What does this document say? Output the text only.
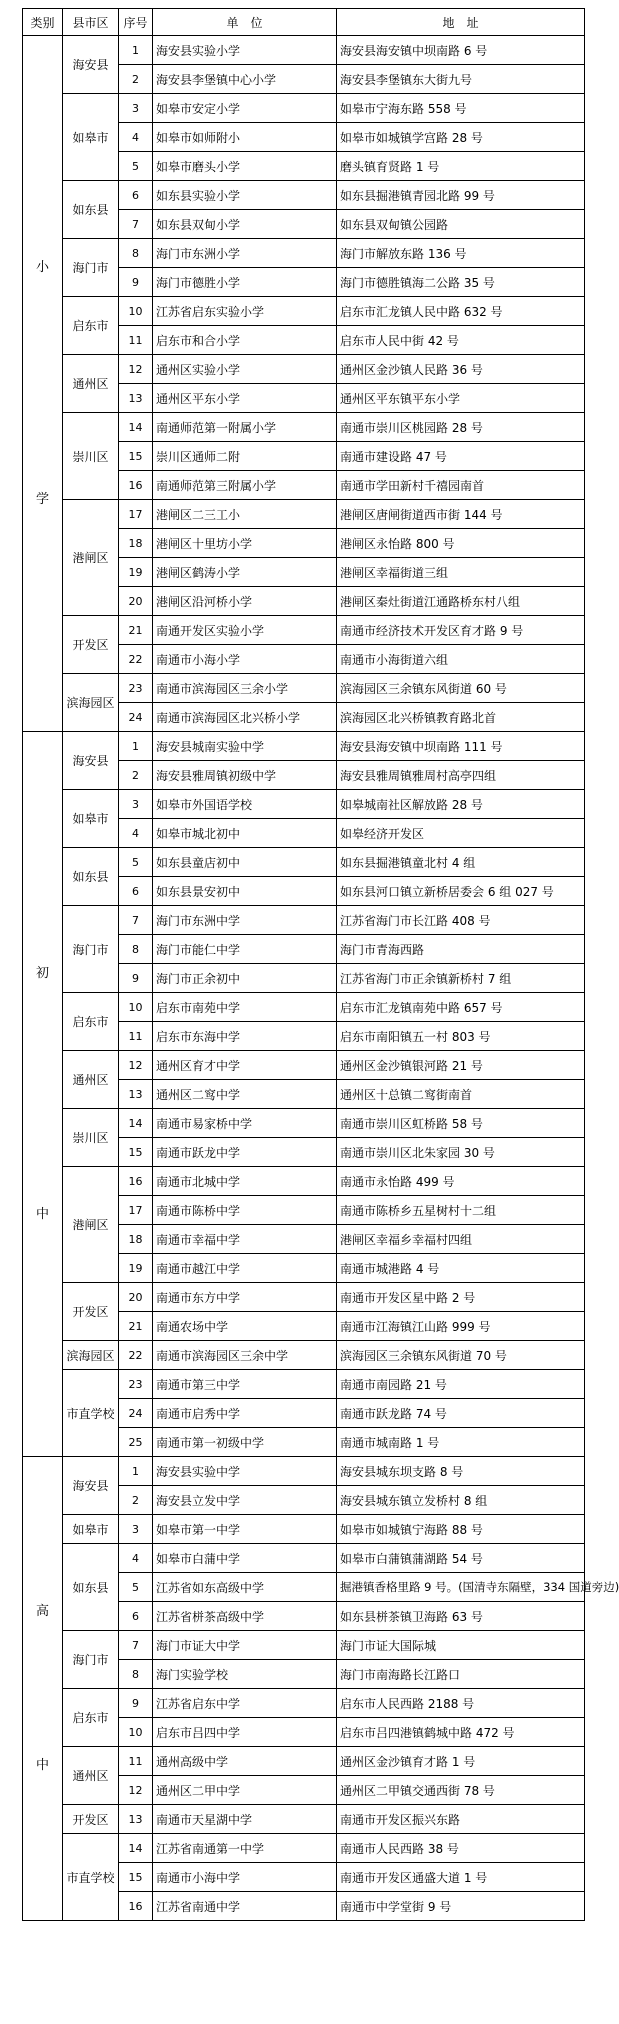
类别	县市区	序号	单　位	地　址

小
学	海安县	1	海安县实验小学	海安县海安镇中坝南路 6 号
		2	海安县李堡镇中心小学	海安县李堡镇东大街九号
	如皋市	3	如皋市安定小学	如皋市宁海东路 558 号
		4	如皋市如师附小	如皋市如城镇学宫路 28 号
		5	如皋市磨头小学	磨头镇育贤路 1 号
	如东县	6	如东县实验小学	如东县掘港镇青园北路 99 号
		7	如东县双甸小学	如东县双甸镇公园路
	海门市	8	海门市东洲小学	海门市解放东路 136 号
		9	海门市德胜小学	海门市德胜镇海二公路 35 号
	启东市	10	江苏省启东实验小学	启东市汇龙镇人民中路 632 号
		11	启东市和合小学	启东市人民中街 42 号
	通州区	12	通州区实验小学	通州区金沙镇人民路 36 号
		13	通州区平东小学	通州区平东镇平东小学
	崇川区	14	南通师范第一附属小学	南通市崇川区桃园路 28 号
		15	崇川区通师二附	南通市建设路 47 号
		16	南通师范第三附属小学	南通市学田新村千禧园南首
	港闸区	17	港闸区二三工小	港闸区唐闸街道西市街 144 号
		18	港闸区十里坊小学	港闸区永怡路 800 号
		19	港闸区鹤涛小学	港闸区幸福街道三组
		20	港闸区沿河桥小学	港闸区秦灶街道江通路桥东村八组
	开发区	21	南通开发区实验小学	南通市经济技术开发区育才路 9 号
		22	南通市小海小学	南通市小海街道六组
	滨海园区	23	南通市滨海园区三余小学	滨海园区三余镇东风街道 60 号
		24	南通市滨海园区北兴桥小学	滨海园区北兴桥镇教育路北首

初
中	海安县	1	海安县城南实验中学	海安县海安镇中坝南路 111 号
		2	海安县雅周镇初级中学	海安县雅周镇雅周村高亭四组
	如皋市	3	如皋市外国语学校	如皋城南社区解放路 28 号
		4	如皋市城北初中	如皋经济开发区
	如东县	5	如东县童店初中	如东县掘港镇童北村 4 组
		6	如东县景安初中	如东县河口镇立新桥居委会 6 组 027 号
	海门市	7	海门市东洲中学	江苏省海门市长江路 408 号
		8	海门市能仁中学	海门市青海西路
		9	海门市正余初中	江苏省海门市正余镇新桥村 7 组
	启东市	10	启东市南苑中学	启东市汇龙镇南苑中路 657 号
		11	启东市东海中学	启东市南阳镇五一村 803 号
	通州区	12	通州区育才中学	通州区金沙镇银河路 21 号
		13	通州区二窎中学	通州区十总镇二窎街南首
	崇川区	14	南通市易家桥中学	南通市崇川区虹桥路 58 号
		15	南通市跃龙中学	南通市崇川区北朱家园 30 号
	港闸区	16	南通市北城中学	南通市永怡路 499 号
		17	南通市陈桥中学	南通市陈桥乡五星树村十二组
		18	南通市幸福中学	港闸区幸福乡幸福村四组
		19	南通市越江中学	南通市城港路 4 号
	开发区	20	南通市东方中学	南通市开发区星中路 2 号
		21	南通农场中学	南通市江海镇江山路 999 号
	滨海园区	22	南通市滨海园区三余中学	滨海园区三余镇东风街道 70 号
	市直学校	23	南通市第三中学	南通市南园路 21 号
		24	南通市启秀中学	南通市跃龙路 74 号
		25	南通市第一初级中学	南通市城南路 1 号

高
中	海安县	1	海安县实验中学	海安县城东坝支路 8 号
		2	海安县立发中学	海安县城东镇立发桥村 8 组
	如皋市	3	如皋市第一中学	如皋市如城镇宁海路 88 号
	如东县	4	如皋市白蒲中学	如皋市白蒲镇蒲湖路 54 号
		5	江苏省如东高级中学	掘港镇香格里路 9 号。(国清寺东隔壁，334 国道旁边)
		6	江苏省栟茶高级中学	如东县栟茶镇卫海路 63 号
	海门市	7	海门市证大中学	海门市证大国际城
		8	海门实验学校	海门市南海路长江路口
	启东市	9	江苏省启东中学	启东市人民西路 2188 号
		10	启东市吕四中学	启东市吕四港镇鹤城中路 472 号
	通州区	11	通州高级中学	通州区金沙镇育才路 1 号
		12	通州区二甲中学	通州区二甲镇交通西街 78 号
	开发区	13	南通市天星湖中学	南通市开发区振兴东路
	市直学校	14	江苏省南通第一中学	南通市人民西路 38 号
		15	南通市小海中学	南通市开发区通盛大道 1 号
		16	江苏省南通中学	南通市中学堂街 9 号
